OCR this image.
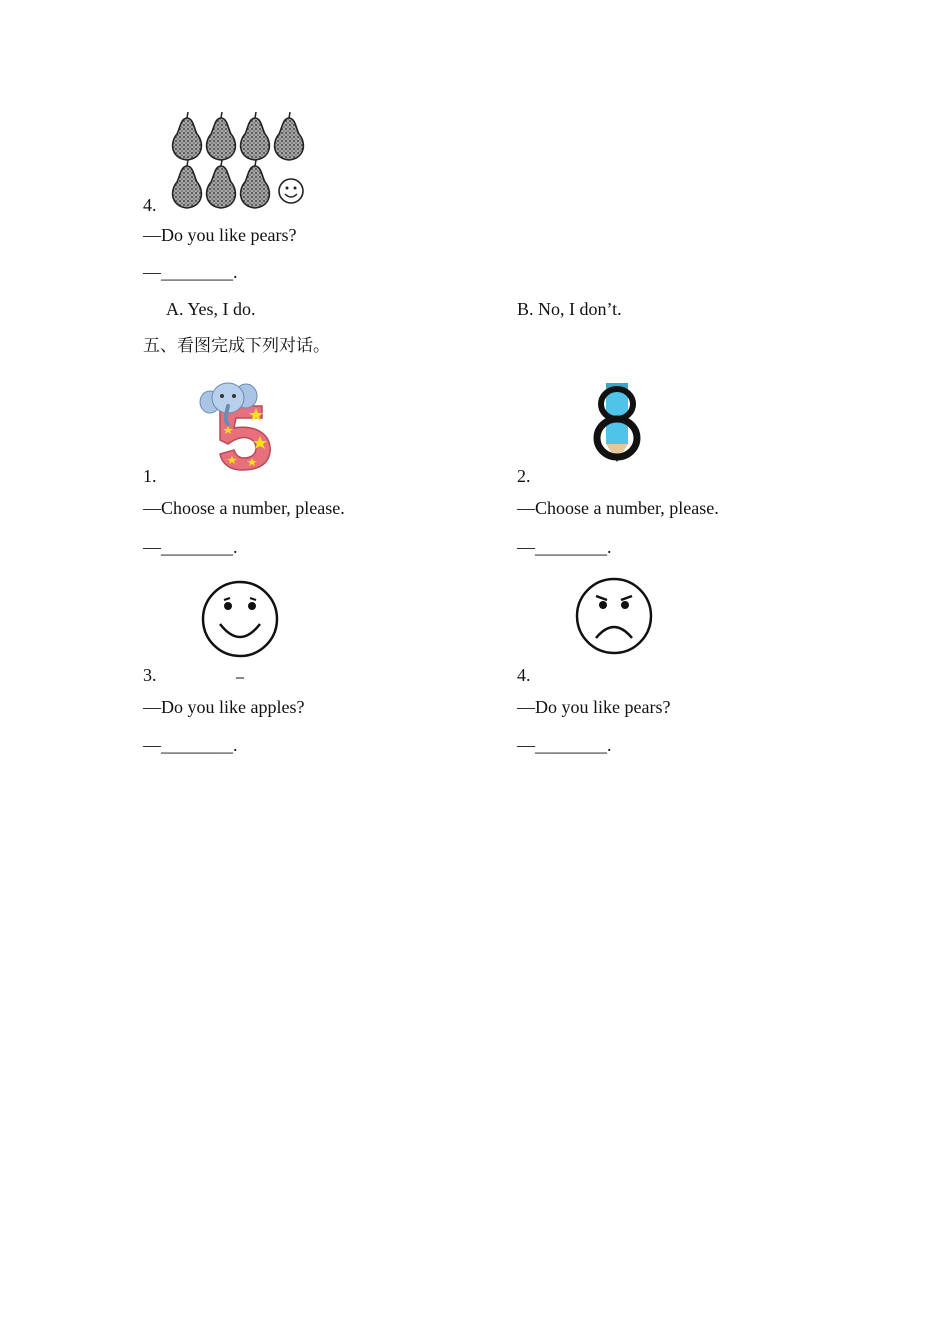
4.
—Do you like pears?
—________.
A. Yes, I do.	B. No, I don’t.
五、看图完成下列对话。
1.
—Choose a number, please.
—________.
2.
—Choose a number, please.
—________.
3.
—Do you like apples?
—________.
4.
—Do you like pears?
—________.
